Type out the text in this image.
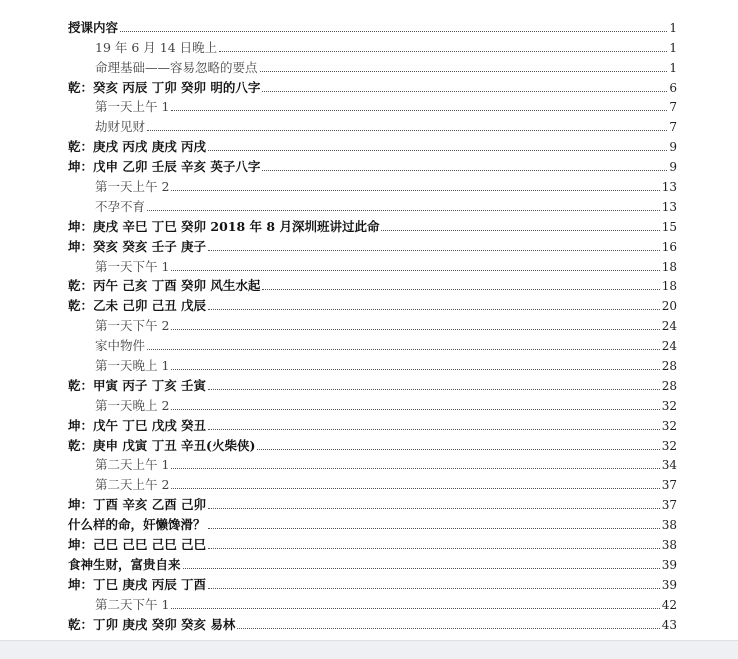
授课内容	1
19 年 6 月 14 日晚上	1
命理基础——容易忽略的要点	1
乾：癸亥 丙辰 丁卯 癸卯 明的八字	6
第一天上午 1	7
劫财见财	7
乾：庚戌 丙戌 庚戌 丙戌	9
坤：戊申 乙卯 壬辰 辛亥 英子八字	9
第一天上午 2	13
不孕不育	13
坤：庚戌 辛巳 丁巳 癸卯 2018 年 8 月深圳班讲过此命	15
坤：癸亥 癸亥 壬子 庚子	16
第一天下午 1	18
乾：丙午 己亥 丁酉 癸卯 风生水起	18
乾：乙未 己卯 己丑 戊辰	20
第一天下午 2	24
家中物件	24
第一天晚上 1	28
乾：甲寅 丙子 丁亥 壬寅	28
第一天晚上 2	32
坤：戊午 丁巳 戊戌 癸丑	32
乾：庚申 戊寅 丁丑 辛丑(火柴侠)	32
第二天上午 1	34
第二天上午 2	37
坤：丁酉 辛亥 乙酉 己卯	37
什么样的命，奸懒馋滑？	38
坤：己巳 己巳 己巳 己巳	38
食神生财，富贵自来	39
坤：丁巳 庚戌 丙辰 丁酉	39
第二天下午 1	42
乾：丁卯 庚戌 癸卯 癸亥 易林	43
